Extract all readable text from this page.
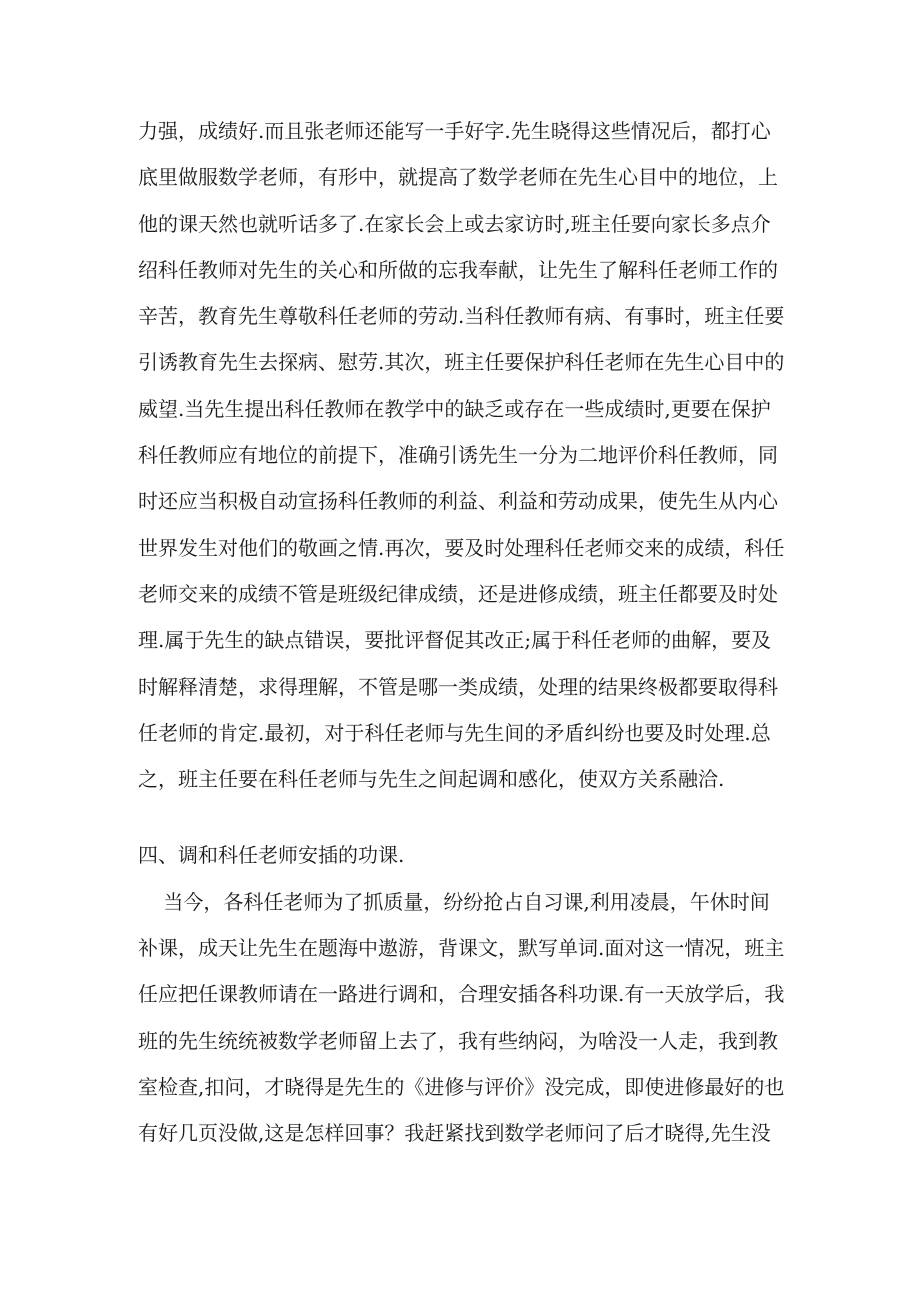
力强，成绩好.而且张老师还能写一手好字.先生晓得这些情况后，都打心
底里做服数学老师，有形中，就提高了数学老师在先生心目中的地位，上
他的课天然也就听话多了.在家长会上或去家访时,班主任要向家长多点介
绍科任教师对先生的关心和所做的忘我奉献，让先生了解科任老师工作的
辛苦，教育先生尊敬科任老师的劳动.当科任教师有病、有事时，班主任要
引诱教育先生去探病、慰劳.其次，班主任要保护科任老师在先生心目中的
威望.当先生提出科任教师在教学中的缺乏或存在一些成绩时,更要在保护
科任教师应有地位的前提下，准确引诱先生一分为二地评价科任教师，同
时还应当积极自动宣扬科任教师的利益、利益和劳动成果，使先生从内心
世界发生对他们的敬画之情.再次，要及时处理科任老师交来的成绩，科任
老师交来的成绩不管是班级纪律成绩，还是进修成绩，班主任都要及时处
理.属于先生的缺点错误，要批评督促其改正;属于科任老师的曲解，要及
时解释清楚，求得理解，不管是哪一类成绩，处理的结果终极都要取得科
任老师的肯定.最初，对于科任老师与先生间的矛盾纠纷也要及时处理.总
之，班主任要在科任老师与先生之间起调和感化，使双方关系融洽.
四、调和科任老师安插的功课.
当今，各科任老师为了抓质量，纷纷抢占自习课,利用凌晨，午休时间
补课，成天让先生在题海中遨游，背课文，默写单词.面对这一情况，班主
任应把任课教师请在一路进行调和，合理安插各科功课.有一天放学后，我
班的先生统统被数学老师留上去了，我有些纳闷，为啥没一人走，我到教
室检查,扣问，才晓得是先生的《进修与评价》没完成，即使进修最好的也
有好几页没做,这是怎样回事？我赶紧找到数学老师问了后才晓得,先生没
